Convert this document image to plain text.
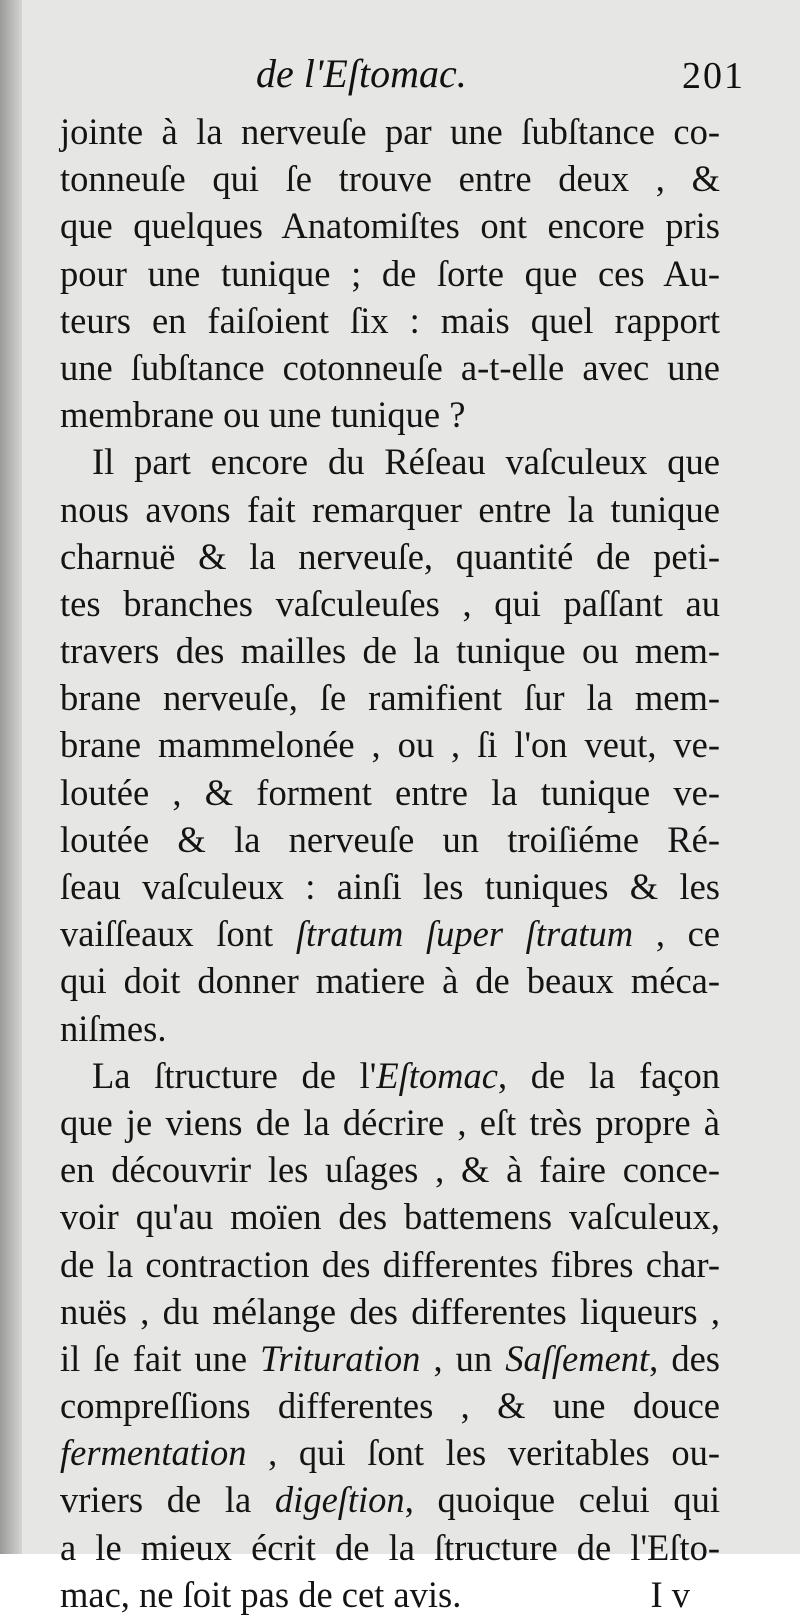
de l'Eſtomac.	201
jointe à la nerveuſe par une ſubſtance co-
tonneuſe qui ſe trouve entre deux , &
que quelques Anatomiſtes ont encore pris
pour une tunique ; de ſorte que ces Au-
teurs en faiſoient ſix : mais quel rapport
une ſubſtance cotonneuſe a-t-elle avec une
membrane ou une tunique ?
Il part encore du Réſeau vaſculeux que
nous avons fait remarquer entre la tunique
charnuë & la nerveuſe, quantité de peti-
tes branches vaſculeuſes , qui paſſant au
travers des mailles de la tunique ou mem-
brane nerveuſe, ſe ramifient ſur la mem-
brane mammelonée , ou , ſi l'on veut, ve-
loutée , & forment entre la tunique ve-
loutée & la nerveuſe un troiſiéme Ré-
ſeau vaſculeux : ainſi les tuniques & les
vaiſſeaux ſont ſtratum ſuper ſtratum , ce
qui doit donner matiere à de beaux méca-
niſmes.
La ſtructure de l'Eſtomac, de la façon
que je viens de la décrire , eſt très propre à
en découvrir les uſages , & à faire conce-
voir qu'au moïen des battemens vaſculeux,
de la contraction des differentes fibres char-
nuës , du mélange des differentes liqueurs ,
il ſe fait une Trituration , un Saſſement, des
compreſſions differentes , & une douce
fermentation , qui ſont les veritables ou-
vriers de la digeſtion, quoique celui qui
a le mieux écrit de la ſtructure de l'Eſto-
mac, ne ſoit pas de cet avis.	I v
